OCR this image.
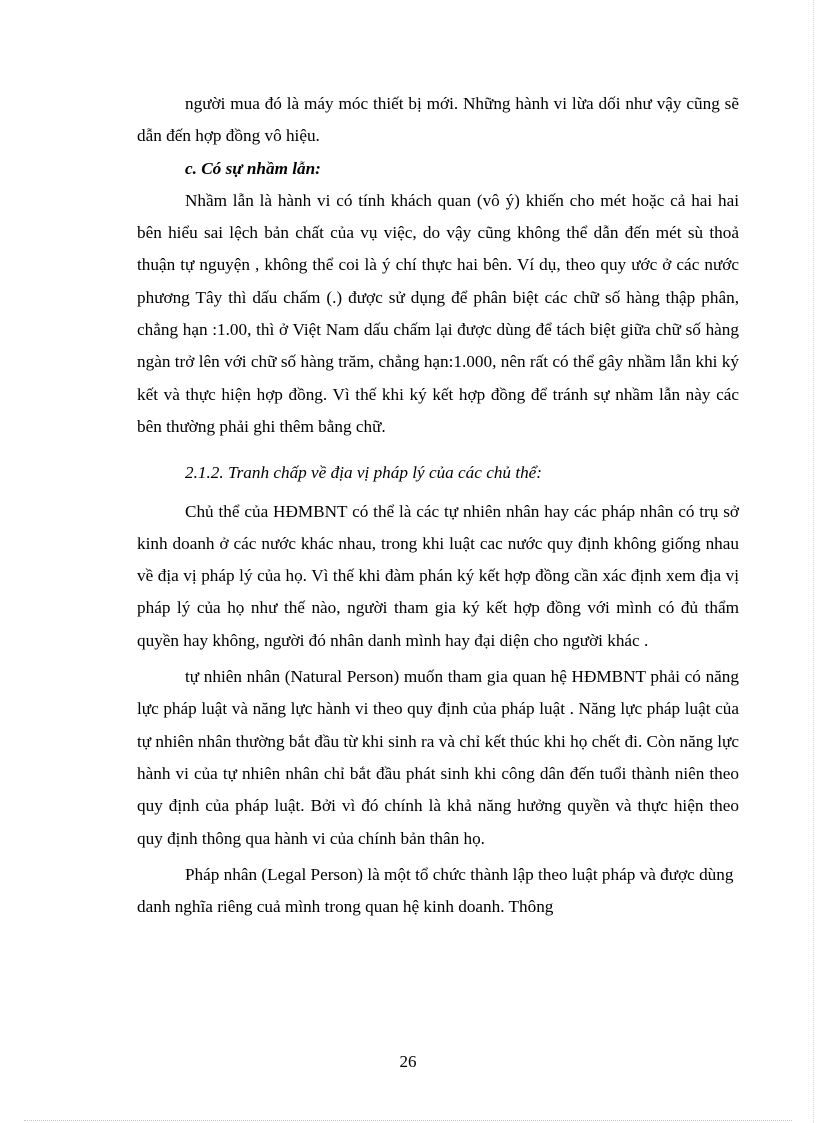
người mua đó là máy móc thiết bị mới. Những hành vi lừa dối như vậy cũng sẽ dẫn đến hợp đồng vô hiệu.

c. Có sự nhầm lẫn:

Nhầm lẫn là hành vi có tính khách quan (vô ý) khiến cho mét hoặc cả hai hai bên hiểu sai lệch bản chất của vụ việc, do vậy cũng không thể dẫn đến mét sù thoả thuận tự nguyện , không thể coi là ý chí thực hai bên. Ví dụ, theo quy ước ở các nước phương Tây thì dấu chấm (.) được sử dụng để phân biệt các chữ số hàng thập phân, chẳng hạn :1.00, thì ở Việt Nam dấu chấm lại được dùng để tách biệt giữa chữ số hàng ngàn trở lên với chữ số hàng trăm, chẳng hạn:1.000, nên rất có thể gây nhầm lẫn khi ký kết và thực hiện hợp đồng. Vì thế khi ký kết hợp đồng để tránh sự nhầm lẫn này các bên thường phải ghi thêm bằng chữ.

2.1.2. Tranh chấp về địa vị pháp lý của các chủ thể:

Chủ thể của HĐMBNT có thể là các tự nhiên nhân hay các pháp nhân có trụ sở kinh doanh ở các nước khác nhau, trong khi luật cac nước quy định không giống nhau về địa vị pháp lý của họ. Vì thế khi đàm phán ký kết hợp đồng cần xác định xem địa vị pháp lý của họ như thế nào, người tham gia ký kết hợp đồng với mình có đủ thẩm quyền hay không, người đó nhân danh mình hay đại diện cho người khác .

tự nhiên nhân (Natural Person) muốn tham gia quan hệ HĐMBNT phải có năng lực pháp luật và năng lực hành vi theo quy định của pháp luật . Năng lực pháp luật của tự nhiên nhân thường bắt đầu từ khi sinh ra và chỉ kết thúc khi họ chết đi. Còn năng lực hành vi của tự nhiên nhân chỉ bắt đầu phát sinh khi công dân đến tuổi thành niên theo quy định của pháp luật. Bởi vì đó chính là khả năng hưởng quyền và thực hiện theo quy định thông qua hành vi của chính bản thân họ.

Pháp nhân (Legal Person) là một tổ chức thành lập theo luật pháp và được dùng danh nghĩa riêng cuả mình trong quan hệ kinh doanh. Thông

26
